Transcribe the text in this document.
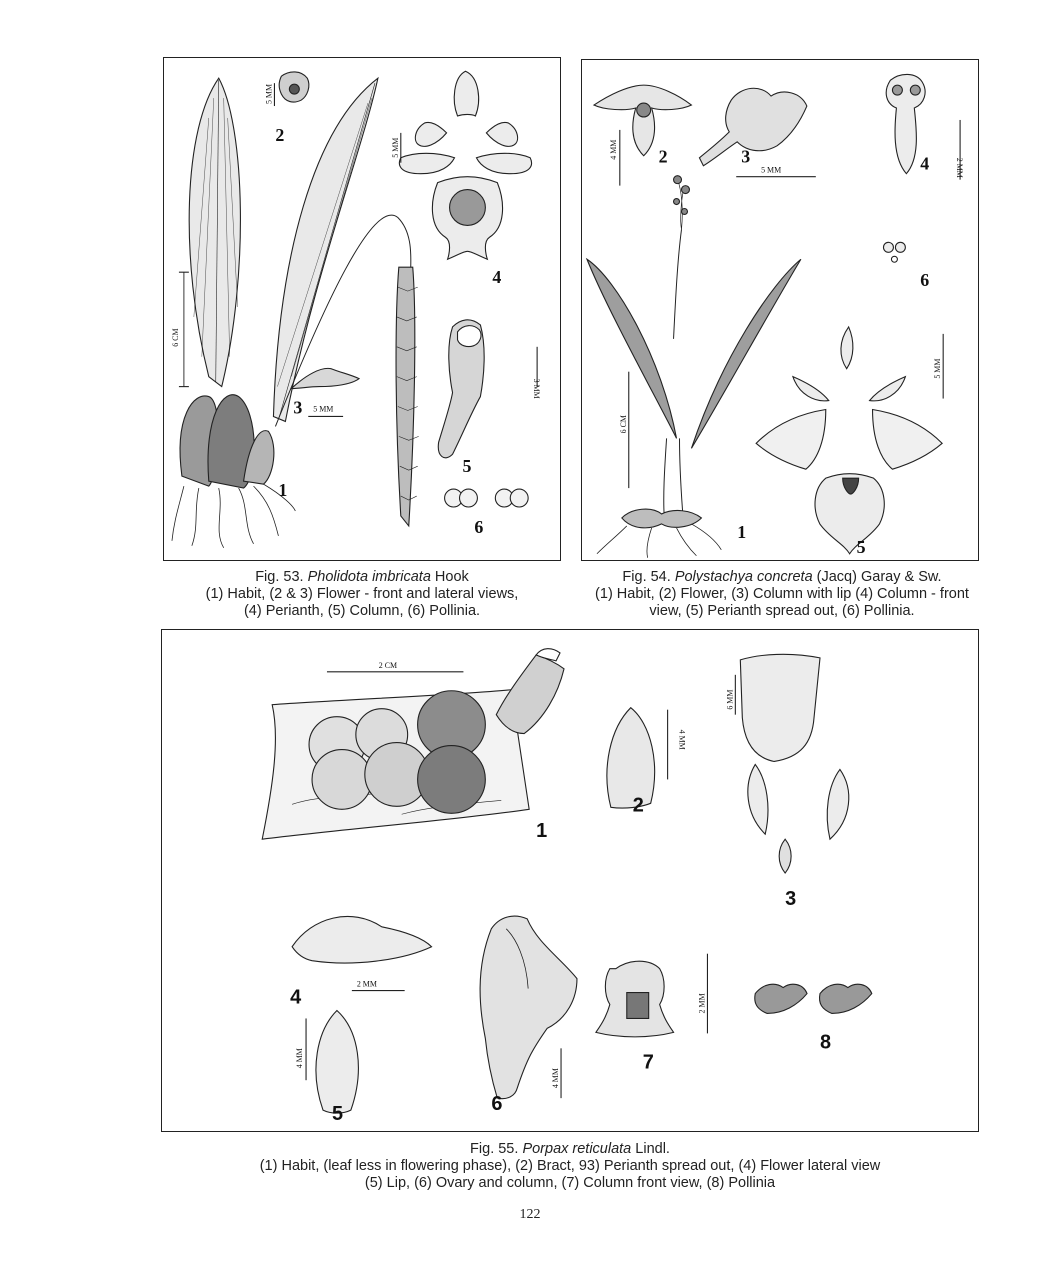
2
3
1
4
5
6
6 CM
5 MM
5 MM
5 MM
3 MM
Fig. 53. Pholidota imbricata Hook
(1) Habit, (2 & 3) Flower - front and lateral views,
(4) Perianth, (5) Column, (6) Pollinia.
2	3	4
6
1
5
4 MM
5 MM	2 MM
6 CM
5 MM
Fig. 54. Polystachya concreta (Jacq) Garay & Sw.
(1) Habit, (2) Flower, (3) Column with lip (4) Column - front
view, (5) Perianth spread out, (6) Pollinia.
1
2
3
4
5	6
7
8
2 CM
4 MM
6 MM
2 MM
4 MM
4 MM
2 MM
Fig. 55. Porpax reticulata Lindl.
(1) Habit, (leaf less in flowering phase), (2) Bract, 93) Perianth spread out, (4) Flower lateral view
(5) Lip, (6) Ovary and column, (7) Column front view, (8) Pollinia
122
